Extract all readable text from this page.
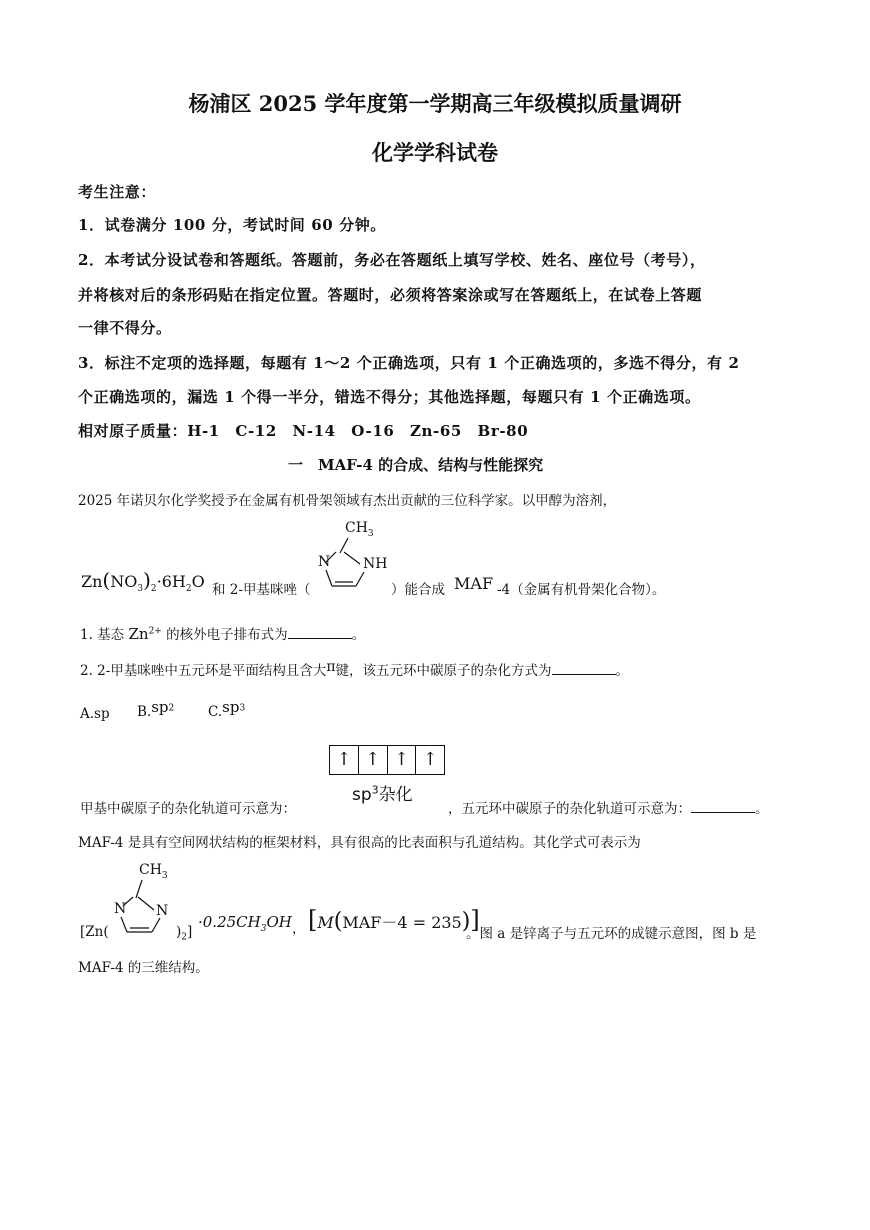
杨浦区 2025 学年度第一学期高三年级模拟质量调研
化学学科试卷
考生注意：
1．试卷满分 100 分，考试时间 60 分钟。
2．本考试分设试卷和答题纸。答题前，务必在答题纸上填写学校、姓名、座位号（考号），
并将核对后的条形码贴在指定位置。答题时，必须将答案涂或写在答题纸上，在试卷上答题
一律不得分。
3．标注不定项的选择题，每题有 1～2 个正确选项，只有 1 个正确选项的，多选不得分，有 2
个正确选项的，漏选 1 个得一半分，错选不得分；其他选择题，每题只有 1 个正确选项。
相对原子质量：H-1　C-12　N-14　O-16　Zn-65　Br-80
一　MAF-4 的合成、结构与性能探究
2025 年诺贝尔化学奖授予在金属有机骨架领域有杰出贡献的三位科学家。以甲醇为溶剂，
$Zn(NO_3)_2\cdot 6H_2O$ 和 2-甲基咪唑（
$CH_3$
N NH
）能合成 MAF -4（金属有机骨架化合物）。
1. 基态 $Zn^{2+}$ 的核外电子排布式为	。
2. 2-甲基咪唑中五元环是平面结构且含大π键，该五元环中碳原子的杂化方式为	。
A.sp $B.sp^2$ $C.sp^3$
↑ ↑ ↑ ↑
$sp^3$杂化
甲基中碳原子的杂化轨道可示意为：	，五元环中碳原子的杂化轨道可示意为：	。
MAF-4 是具有空间网状结构的框架材料，具有很高的比表面积与孔道结构。其化学式可表示为
$CH_3$
N N
[Zn(	)$_2$]
$\cdot 0.25CH_3OH$ ， [M(MAF－4 = 235)]
。图 a 是锌离子与五元环的成键示意图，图 b 是
MAF-4 的三维结构。
